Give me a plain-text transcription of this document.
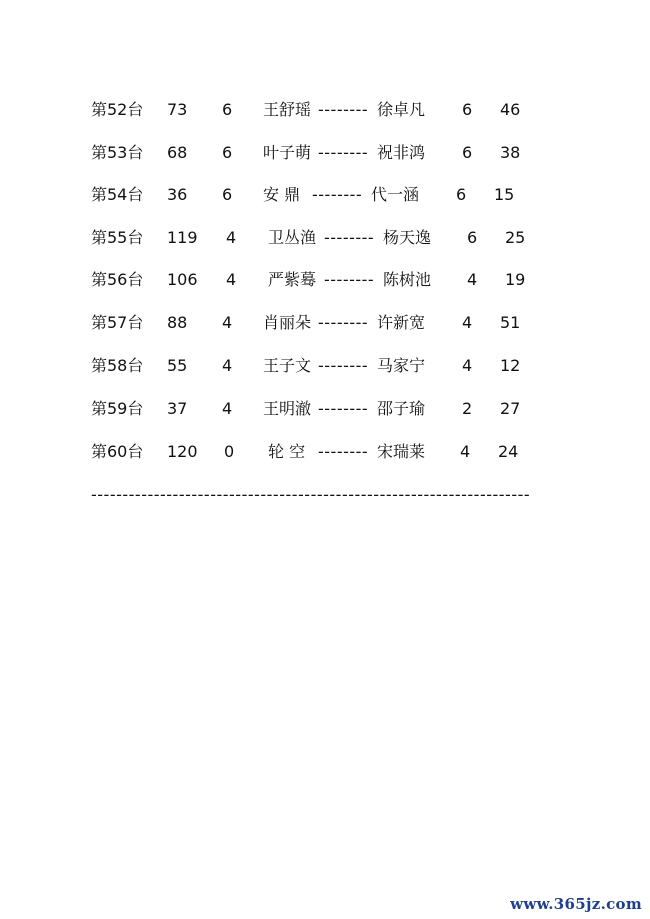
第52台 73 6 王舒瑶 -------- 徐卓凡 6 46
第53台 68 6 叶子萌 -------- 祝非鸿 6 38
第54台 36 6 安 鼎 -------- 代一涵 6 15
第55台 119 4 卫丛渔 -------- 杨天逸 6 25
第56台 106 4 严紫蓦 -------- 陈树池 4 19
第57台 88 4 肖丽朵 -------- 许新宽 4 51
第58台 55 4 王子文 -------- 马家宁 4 12
第59台 37 4 王明澈 -------- 邵子瑜 2 27
第60台 120 0 轮 空 -------- 宋瑞莱 4 24
----------------------------------------------------------------------
www.365jz.com
